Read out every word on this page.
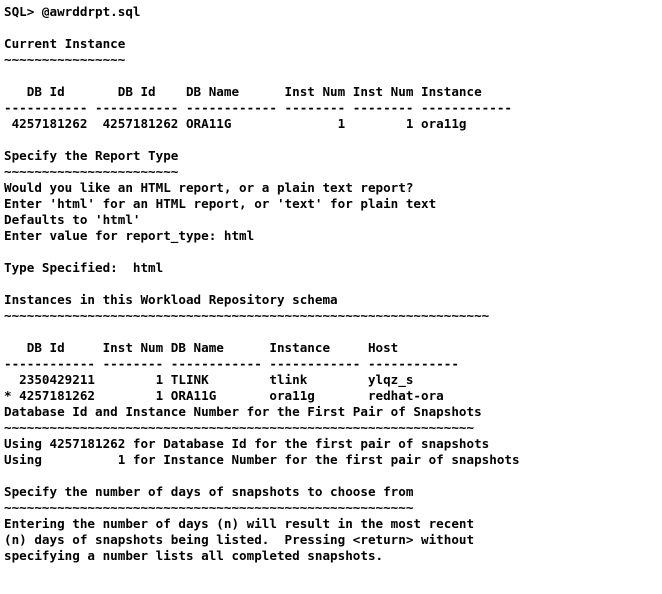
SQL> @awrddrpt.sql
Current Instance
~~~~~~~~~~~~~~~~
DB Id       DB Id    DB Name      Inst Num Inst Num Instance
----------- ----------- ------------ -------- -------- ------------
4257181262  4257181262 ORA11G              1        1 ora11g
Specify the Report Type
~~~~~~~~~~~~~~~~~~~~~~~
Would you like an HTML report, or a plain text report?
Enter 'html' for an HTML report, or 'text' for plain text
Defaults to 'html'
Enter value for report_type: html
Type Specified:  html
Instances in this Workload Repository schema
~~~~~~~~~~~~~~~~~~~~~~~~~~~~~~~~~~~~~~~~~~~~~~~~~~~~~~~~~~~~~~~~
DB Id     Inst Num DB Name      Instance     Host
------------ -------- ------------ ------------ ------------
2350429211        1 TLINK        tlink        ylqz_s
* 4257181262        1 ORA11G       ora11g       redhat-ora
Database Id and Instance Number for the First Pair of Snapshots
~~~~~~~~~~~~~~~~~~~~~~~~~~~~~~~~~~~~~~~~~~~~~~~~~~~~~~~~~~~~~~
Using 4257181262 for Database Id for the first pair of snapshots
Using          1 for Instance Number for the first pair of snapshots
Specify the number of days of snapshots to choose from
~~~~~~~~~~~~~~~~~~~~~~~~~~~~~~~~~~~~~~~~~~~~~~~~~~~~~~
Entering the number of days (n) will result in the most recent
(n) days of snapshots being listed.  Pressing <return> without
specifying a number lists all completed snapshots.
